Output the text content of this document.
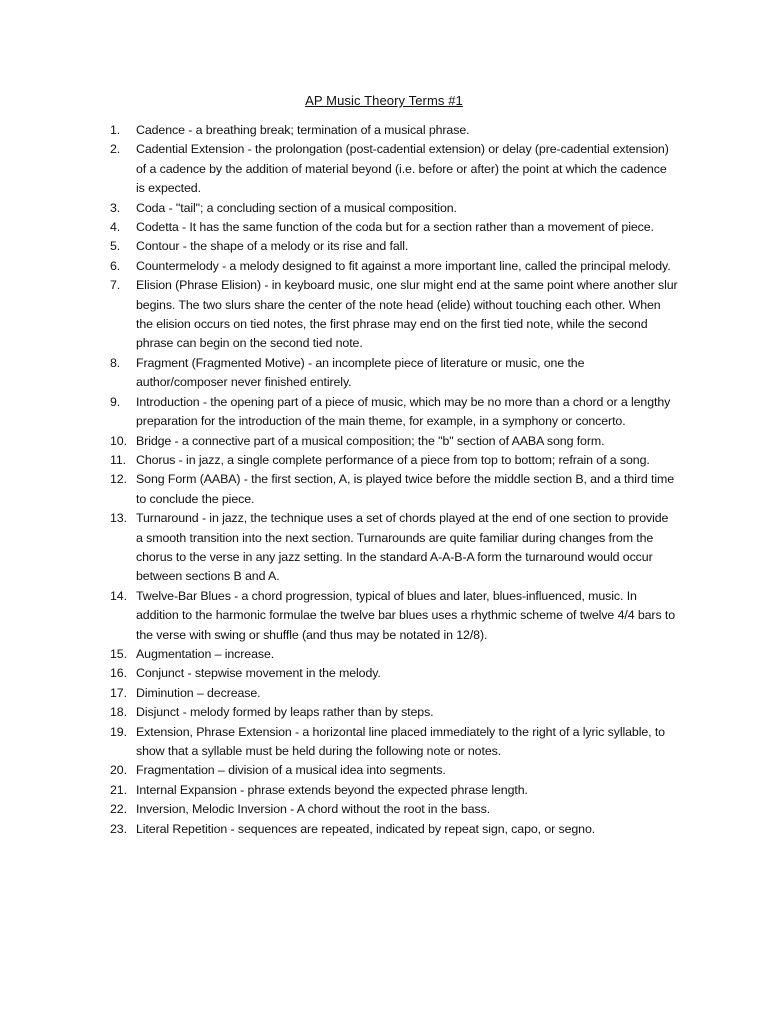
AP Music Theory Terms #1
1.	Cadence - a breathing break; termination of a musical phrase.
2.	Cadential Extension - the prolongation (post-cadential extension) or delay (pre-cadential extension) of a cadence by the addition of material beyond (i.e. before or after) the point at which the cadence is expected.
3.	Coda - "tail"; a concluding section of a musical composition.
4.	Codetta - It has the same function of the coda but for a section rather than a movement of piece.
5.	Contour - the shape of a melody or its rise and fall.
6.	Countermelody - a melody designed to fit against a more important line, called the principal melody.
7.	Elision (Phrase Elision) - in keyboard music, one slur might end at the same point where another slur begins. The two slurs share the center of the note head (elide) without touching each other. When the elision occurs on tied notes, the first phrase may end on the first tied note, while the second phrase can begin on the second tied note.
8.	Fragment (Fragmented Motive) - an incomplete piece of literature or music, one the author/composer never finished entirely.
9.	Introduction - the opening part of a piece of music, which may be no more than a chord or a lengthy preparation for the introduction of the main theme, for example, in a symphony or concerto.
10. Bridge - a connective part of a musical composition; the "b" section of AABA song form.
11. Chorus - in jazz, a single complete performance of a piece from top to bottom; refrain of a song.
12. Song Form (AABA) - the first section, A, is played twice before the middle section B, and a third time to conclude the piece.
13. Turnaround - in jazz, the technique uses a set of chords played at the end of one section to provide a smooth transition into the next section. Turnarounds are quite familiar during changes from the chorus to the verse in any jazz setting. In the standard A-A-B-A form the turnaround would occur between sections B and A.
14. Twelve-Bar Blues - a chord progression, typical of blues and later, blues-influenced, music. In addition to the harmonic formulae the twelve bar blues uses a rhythmic scheme of twelve 4/4 bars to the verse with swing or shuffle (and thus may be notated in 12/8).
15. Augmentation – increase.
16. Conjunct - stepwise movement in the melody.
17. Diminution – decrease.
18. Disjunct - melody formed by leaps rather than by steps.
19. Extension, Phrase Extension - a horizontal line placed immediately to the right of a lyric syllable, to show that a syllable must be held during the following note or notes.
20. Fragmentation – division of a musical idea into segments.
21. Internal Expansion - phrase extends beyond the expected phrase length.
22. Inversion, Melodic Inversion - A chord without the root in the bass.
23. Literal Repetition - sequences are repeated, indicated by repeat sign, capo, or segno.
